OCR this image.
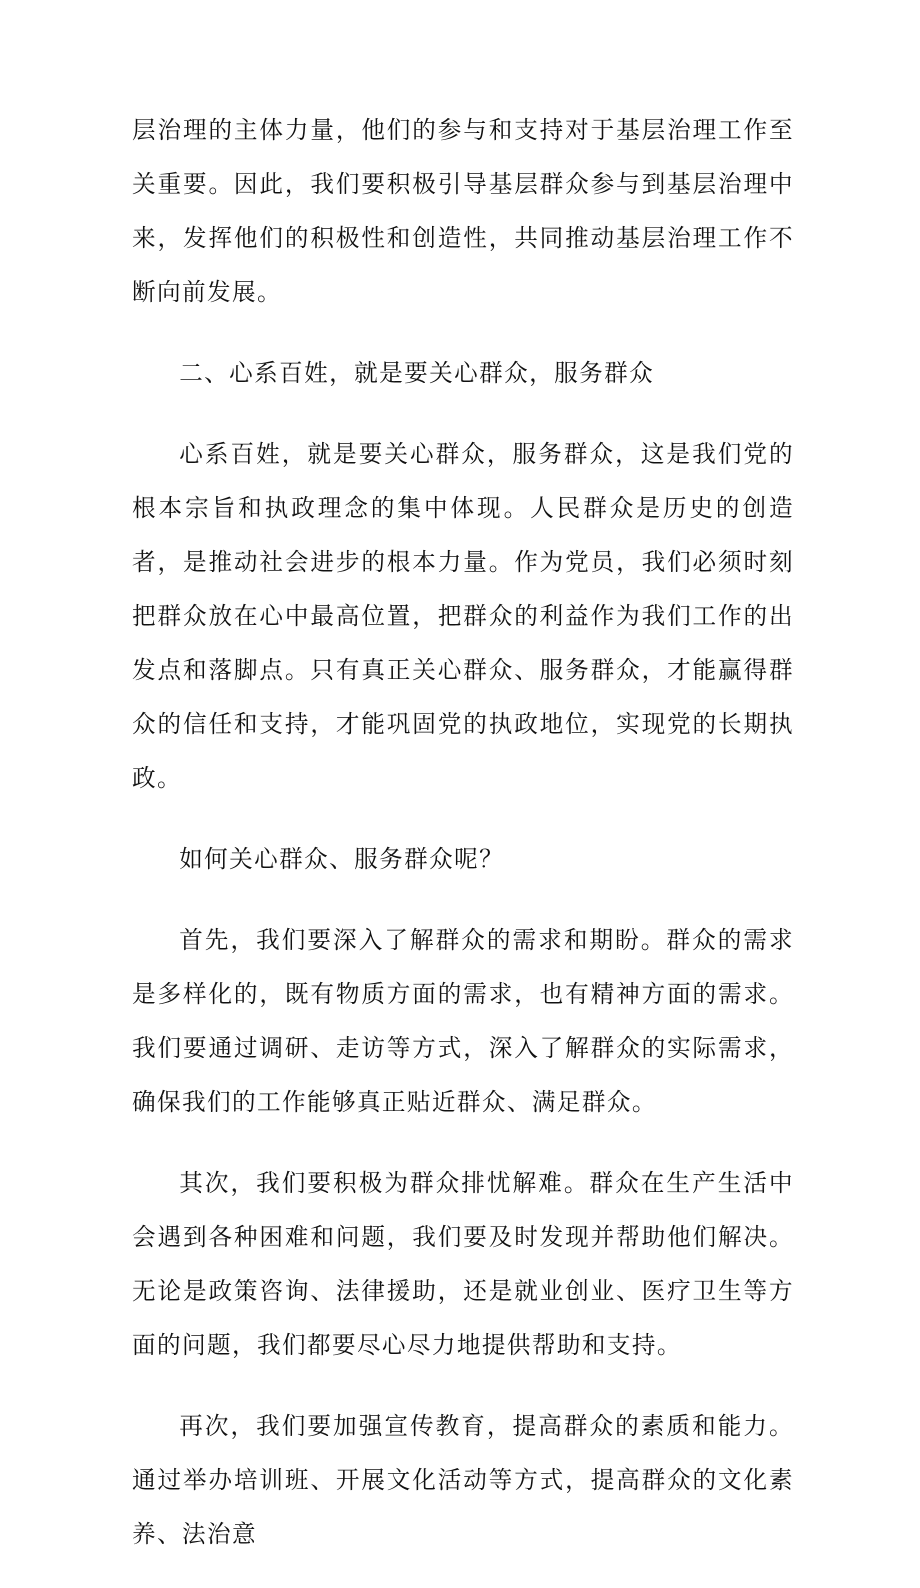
层治理的主体力量，他们的参与和支持对于基层治理工作至关重要。因此，我们要积极引导基层群众参与到基层治理中来，发挥他们的积极性和创造性，共同推动基层治理工作不断向前发展。

二、心系百姓，就是要关心群众，服务群众

心系百姓，就是要关心群众，服务群众，这是我们党的根本宗旨和执政理念的集中体现。人民群众是历史的创造者，是推动社会进步的根本力量。作为党员，我们必须时刻把群众放在心中最高位置，把群众的利益作为我们工作的出发点和落脚点。只有真正关心群众、服务群众，才能赢得群众的信任和支持，才能巩固党的执政地位，实现党的长期执政。

如何关心群众、服务群众呢？

首先，我们要深入了解群众的需求和期盼。群众的需求是多样化的，既有物质方面的需求，也有精神方面的需求。我们要通过调研、走访等方式，深入了解群众的实际需求，确保我们的工作能够真正贴近群众、满足群众。

其次，我们要积极为群众排忧解难。群众在生产生活中会遇到各种困难和问题，我们要及时发现并帮助他们解决。无论是政策咨询、法律援助，还是就业创业、医疗卫生等方面的问题，我们都要尽心尽力地提供帮助和支持。

再次，我们要加强宣传教育，提高群众的素质和能力。通过举办培训班、开展文化活动等方式，提高群众的文化素养、法治意
